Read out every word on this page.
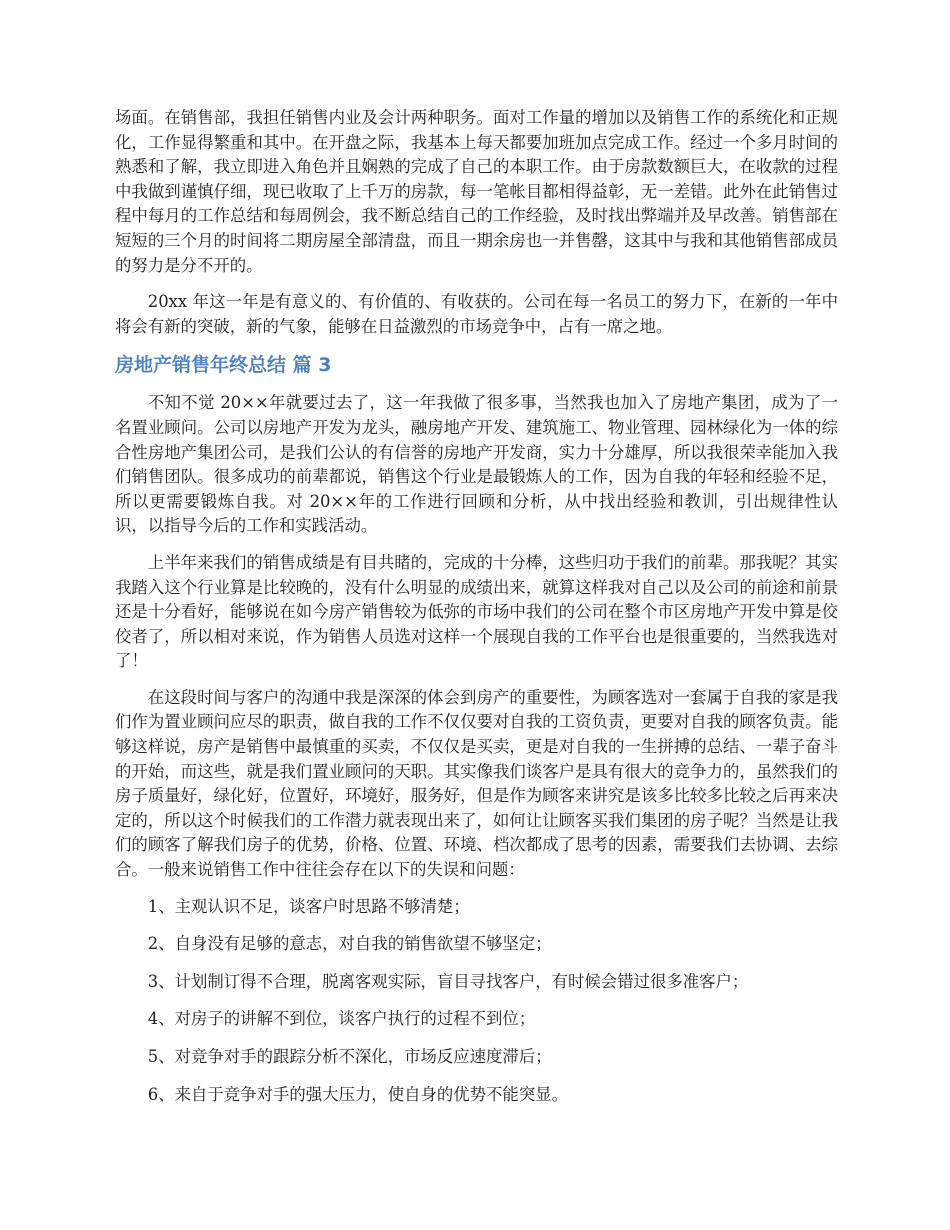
场面。在销售部，我担任销售内业及会计两种职务。面对工作量的增加以及销售工作的系统化和正规化，工作显得繁重和其中。在开盘之际，我基本上每天都要加班加点完成工作。经过一个多月时间的熟悉和了解，我立即进入角色并且娴熟的完成了自己的本职工作。由于房款数额巨大，在收款的过程中我做到谨慎仔细，现已收取了上千万的房款，每一笔帐目都相得益彰，无一差错。此外在此销售过程中每月的工作总结和每周例会，我不断总结自己的工作经验，及时找出弊端并及早改善。销售部在短短的三个月的时间将二期房屋全部清盘，而且一期余房也一并售罄，这其中与我和其他销售部成员的努力是分不开的。

20xx 年这一年是有意义的、有价值的、有收获的。公司在每一名员工的努力下，在新的一年中将会有新的突破，新的气象，能够在日益激烈的市场竞争中，占有一席之地。

房地产销售年终总结 篇 3

不知不觉 20××年就要过去了，这一年我做了很多事，当然我也加入了房地产集团，成为了一名置业顾问。公司以房地产开发为龙头，融房地产开发、建筑施工、物业管理、园林绿化为一体的综合性房地产集团公司，是我们公认的有信誉的房地产开发商，实力十分雄厚，所以我很荣幸能加入我们销售团队。很多成功的前辈都说，销售这个行业是最锻炼人的工作，因为自我的年轻和经验不足，所以更需要锻炼自我。对 20××年的工作进行回顾和分析，从中找出经验和教训，引出规律性认识，以指导今后的工作和实践活动。

上半年来我们的销售成绩是有目共睹的，完成的十分棒，这些归功于我们的前辈。那我呢？其实我踏入这个行业算是比较晚的，没有什么明显的成绩出来，就算这样我对自己以及公司的前途和前景还是十分看好，能够说在如今房产销售较为低弥的市场中我们的公司在整个市区房地产开发中算是佼佼者了，所以相对来说，作为销售人员选对这样一个展现自我的工作平台也是很重要的，当然我选对了！

在这段时间与客户的沟通中我是深深的体会到房产的重要性，为顾客选对一套属于自我的家是我们作为置业顾问应尽的职责，做自我的工作不仅仅要对自我的工资负责，更要对自我的顾客负责。能够这样说，房产是销售中最慎重的买卖，不仅仅是买卖，更是对自我的一生拼搏的总结、一辈子奋斗的开始，而这些，就是我们置业顾问的天职。其实像我们谈客户是具有很大的竞争力的，虽然我们的房子质量好，绿化好，位置好，环境好，服务好，但是作为顾客来讲究是该多比较多比较之后再来决定的，所以这个时候我们的工作潜力就表现出来了，如何让让顾客买我们集团的房子呢？当然是让我们的顾客了解我们房子的优势，价格、位置、环境、档次都成了思考的因素，需要我们去协调、去综合。一般来说销售工作中往往会存在以下的失误和问题：

1、主观认识不足，谈客户时思路不够清楚；

2、自身没有足够的意志，对自我的销售欲望不够坚定；

3、计划制订得不合理，脱离客观实际，盲目寻找客户，有时候会错过很多准客户；

4、对房子的讲解不到位，谈客户执行的过程不到位；

5、对竞争对手的跟踪分析不深化，市场反应速度滞后；

6、来自于竞争对手的强大压力，使自身的优势不能突显。
